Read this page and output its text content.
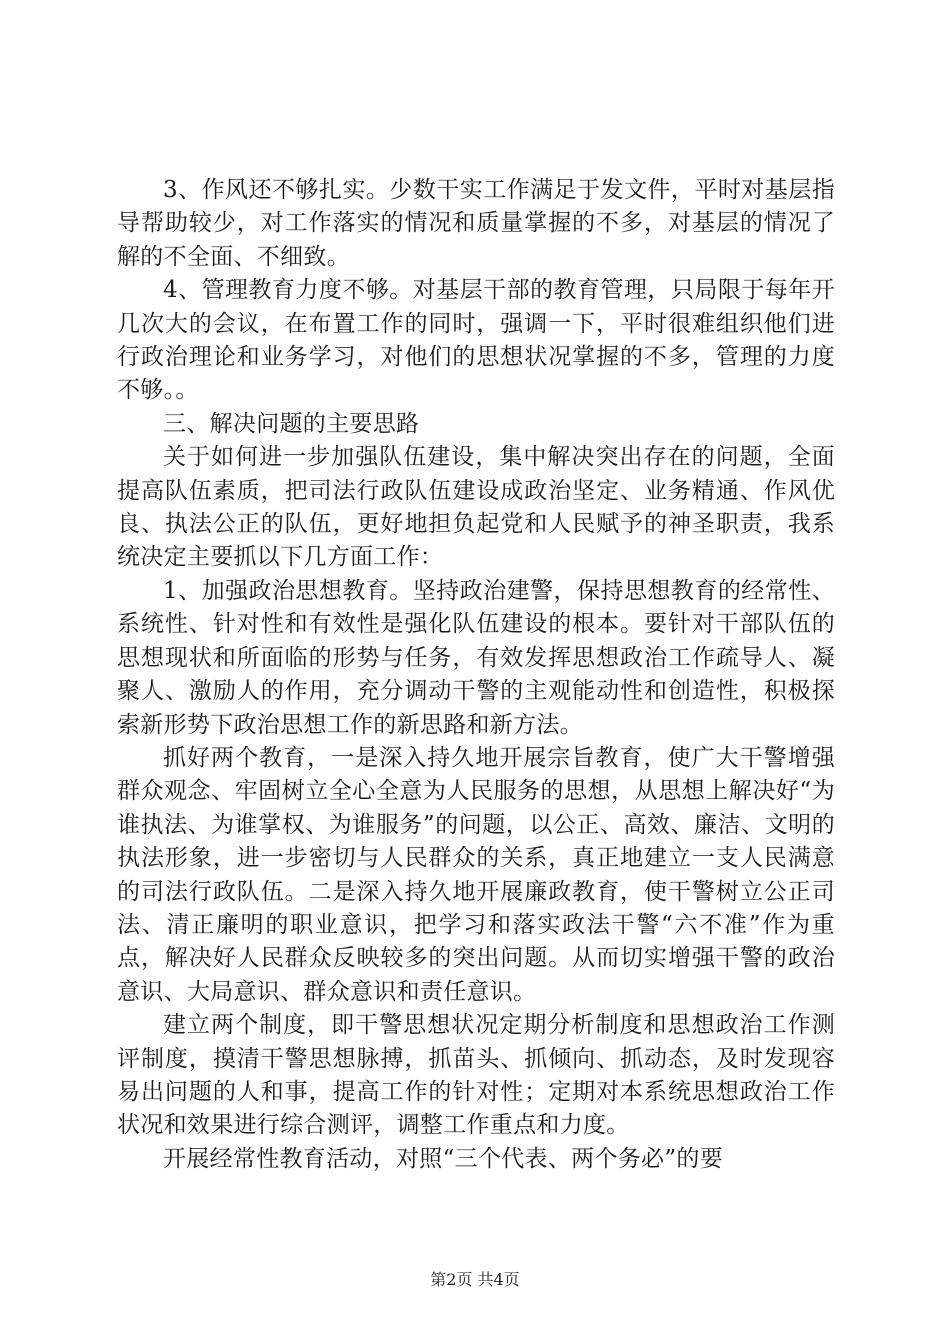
3、作风还不够扎实。少数干实工作满足于发文件，平时对基层指导帮助较少，对工作落实的情况和质量掌握的不多，对基层的情况了解的不全面、不细致。

4、管理教育力度不够。对基层干部的教育管理，只局限于每年开几次大的会议，在布置工作的同时，强调一下，平时很难组织他们进行政治理论和业务学习，对他们的思想状况掌握的不多，管理的力度不够。。

三、解决问题的主要思路

关于如何进一步加强队伍建设，集中解决突出存在的问题，全面提高队伍素质，把司法行政队伍建设成政治坚定、业务精通、作风优良、执法公正的队伍，更好地担负起党和人民赋予的神圣职责，我系统决定主要抓以下几方面工作：

1、加强政治思想教育。坚持政治建警，保持思想教育的经常性、系统性、针对性和有效性是强化队伍建设的根本。要针对干部队伍的思想现状和所面临的形势与任务，有效发挥思想政治工作疏导人、凝聚人、激励人的作用，充分调动干警的主观能动性和创造性，积极探索新形势下政治思想工作的新思路和新方法。

抓好两个教育，一是深入持久地开展宗旨教育，使广大干警增强群众观念、牢固树立全心全意为人民服务的思想，从思想上解决好“为谁执法、为谁掌权、为谁服务”的问题，以公正、高效、廉洁、文明的执法形象，进一步密切与人民群众的关系，真正地建立一支人民满意的司法行政队伍。二是深入持久地开展廉政教育，使干警树立公正司法、清正廉明的职业意识，把学习和落实政法干警“六不准”作为重点，解决好人民群众反映较多的突出问题。从而切实增强干警的政治意识、大局意识、群众意识和责任意识。

建立两个制度，即干警思想状况定期分析制度和思想政治工作测评制度，摸清干警思想脉搏，抓苗头、抓倾向、抓动态，及时发现容易出问题的人和事，提高工作的针对性；定期对本系统思想政治工作状况和效果进行综合测评，调整工作重点和力度。

开展经常性教育活动，对照“三个代表、两个务必”的要

第2页 共4页
